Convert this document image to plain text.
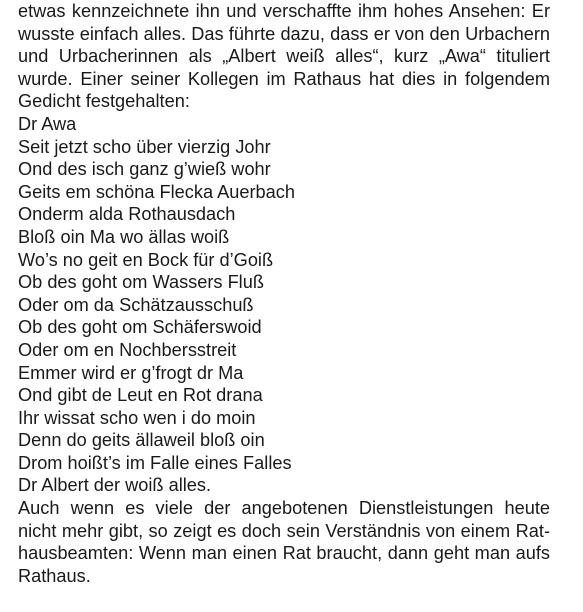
etwas kennzeichnete ihn und verschaffte ihm hohes Ansehen: Er wusste einfach alles. Das führte dazu, dass er von den Urbachern und Urbacherinnen als „Albert weiß alles“, kurz „Awa“ tituliert wurde. Einer seiner Kollegen im Rathaus hat dies in folgendem Gedicht festgehalten:

Dr Awa
Seit jetzt scho über vierzig Johr
Ond des isch ganz g’wieß wohr
Geits em schöna Flecka Auerbach
Onderm alda Rothausdach
Bloß oin Ma wo ällas woiß
Wo’s no geit en Bock für d’Goiß
Ob des goht om Wassers Fluß
Oder om da Schätzausschuß
Ob des goht om Schäferswoid
Oder om en Nochbersstreit
Emmer wird er g’frogt dr Ma
Ond gibt de Leut en Rot drana
Ihr wissat scho wen i do moin
Denn do geits ällaweil bloß oin
Drom hoißt’s im Falle eines Falles
Dr Albert der woiß alles.

Auch wenn es viele der angebotenen Dienstleistungen heute nicht mehr gibt, so zeigt es doch sein Verständnis von einem Rathausbeamten: Wenn man einen Rat braucht, dann geht man aufs Rathaus.
